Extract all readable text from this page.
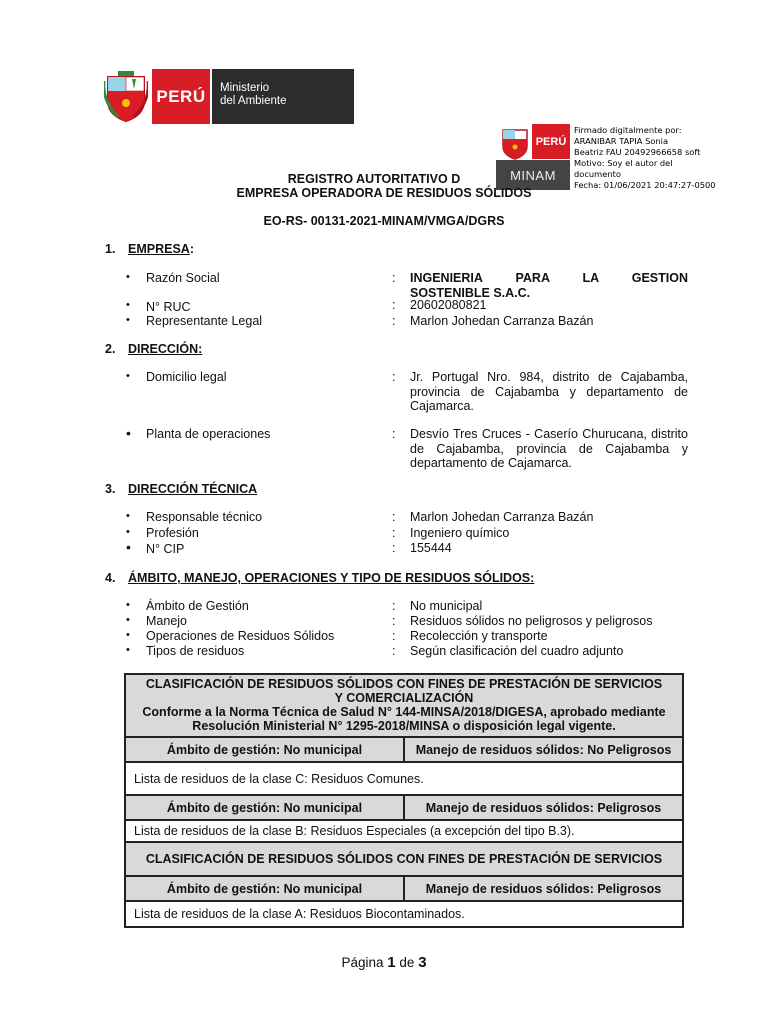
PERÚ	Ministerio
del Ambiente
PERÚ
MINAM
Firmado digitalmente por:
ARANIBAR TAPIA Sonia
Beatriz FAU 20492966658 soft
Motivo: Soy el autor del
documento
Fecha: 01/06/2021 20:47:27-0500
REGISTRO AUTORITATIVO D
EMPRESA OPERADORA DE RESIDUOS SÓLIDOS
EO-RS- 00131-2021-MINAM/VMGA/DGRS
1. EMPRESA:
• Razón Social	: INGENIERIA PARA LA GESTION
SOSTENIBLE S.A.C.
• N° RUC	: 20602080821
• Representante Legal	: Marlon Johedan Carranza Bazán
2. DIRECCIÓN:
• Domicilio legal	: Jr. Portugal Nro. 984, distrito de Cajabamba, provincia de Cajabamba y departamento de Cajamarca.
• Planta de operaciones	: Desvío Tres Cruces - Caserío Churucana, distrito de Cajabamba, provincia de Cajabamba y departamento de Cajamarca.
3. DIRECCIÓN TÉCNICA
• Responsable técnico	: Marlon Johedan Carranza Bazán
• Profesión	: Ingeniero químico
• N° CIP	: 155444
4. ÁMBITO, MANEJO, OPERACIONES Y TIPO DE RESIDUOS SÓLIDOS:
• Ámbito de Gestión	: No municipal
• Manejo	: Residuos sólidos no peligrosos y peligrosos
• Operaciones de Residuos Sólidos	: Recolección y transporte
• Tipos de residuos	: Según clasificación del cuadro adjunto
CLASIFICACIÓN DE RESIDUOS SÓLIDOS CON FINES DE PRESTACIÓN DE SERVICIOS
Y COMERCIALIZACIÓN
Conforme a la Norma Técnica de Salud N° 144-MINSA/2018/DIGESA, aprobado mediante
Resolución Ministerial N° 1295-2018/MINSA o disposición legal vigente.
Ámbito de gestión: No municipal	Manejo de residuos sólidos: No Peligrosos
Lista de residuos de la clase C: Residuos Comunes.
Ámbito de gestión: No municipal	Manejo de residuos sólidos: Peligrosos
Lista de residuos de la clase B: Residuos Especiales (a excepción del tipo B.3).
CLASIFICACIÓN DE RESIDUOS SÓLIDOS CON FINES DE PRESTACIÓN DE SERVICIOS
Ámbito de gestión: No municipal	Manejo de residuos sólidos: Peligrosos
Lista de residuos de la clase A: Residuos Biocontaminados.
Página 1 de 3
